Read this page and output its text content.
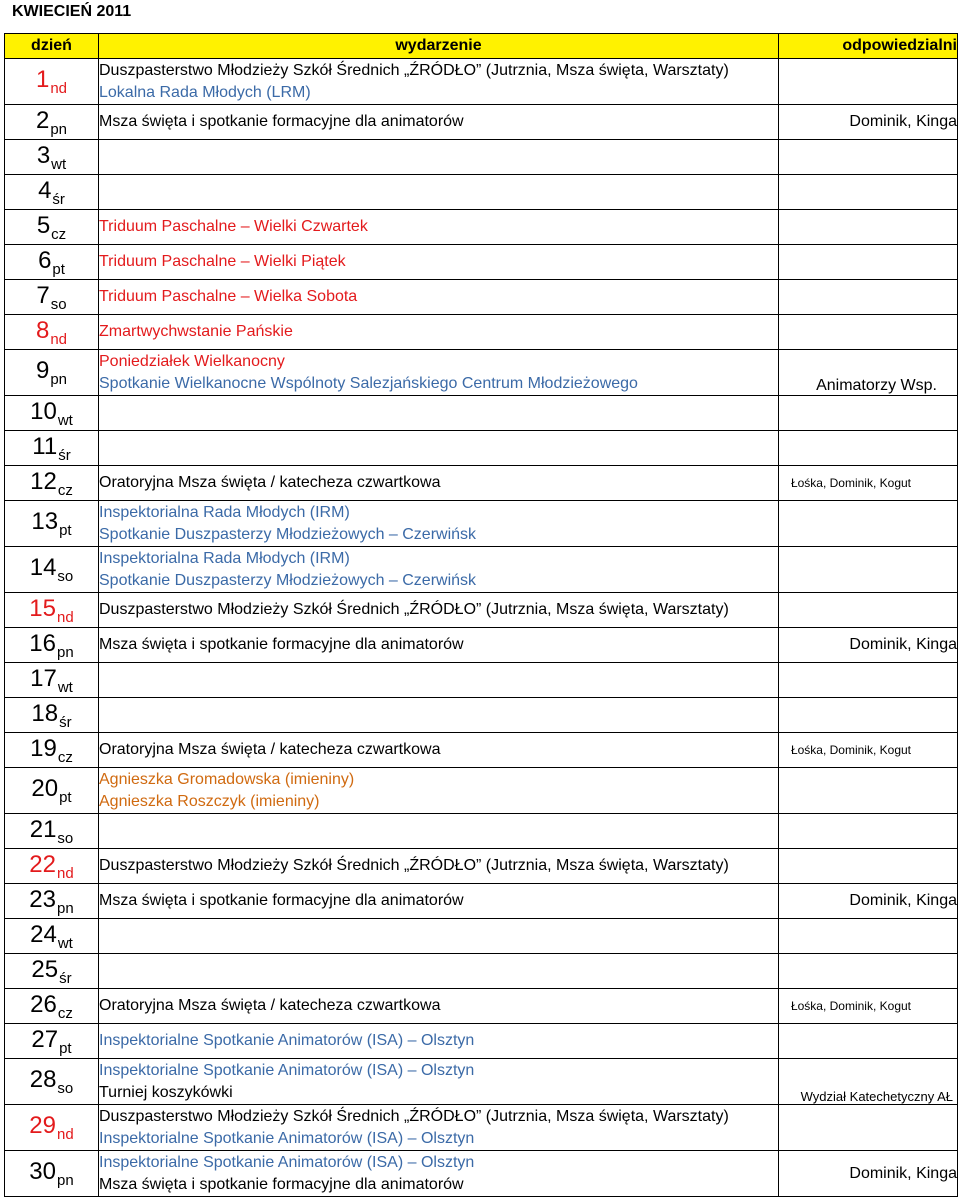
KWIECIEŃ 2011
dzień	wydarzenie	odpowiedzialni
$1_{nd}$	Duszpasterstwo Młodzieży Szkół Średnich „ŹRÓDŁO” (Jutrznia, Msza święta, Warsztaty)
Lokalna Rada Młodych (LRM)	

$2_{pn}$	Msza święta i spotkanie formacyjne dla animatorów	Dominik, Kinga
$3_{wt}$		
$4_{śr}$		
$5_{cz}$	Triduum Paschalne – Wielki Czwartek	

$6_{pt}$	Triduum Paschalne – Wielki Piątek	

$7_{so}$	Triduum Paschalne – Wielka Sobota	

$8_{nd}$	Zmartwychwstanie Pańskie	

$9_{pn}$	Poniedziałek Wielkanocny
Spotkanie Wielkanocne Wspólnoty Salezjańskiego Centrum Młodzieżowego	Animatorzy Wsp.
$10_{wt}$		
$11_{śr}$		
$12_{cz}$	Oratoryjna Msza święta / katecheza czwartkowa	Łośka, Dominik, Kogut
$13_{pt}$	Inspektorialna Rada Młodych (IRM)
Spotkanie Duszpasterzy Młodzieżowych – Czerwińsk	

$14_{so}$	Inspektorialna Rada Młodych (IRM)
Spotkanie Duszpasterzy Młodzieżowych – Czerwińsk	

$15_{nd}$	Duszpasterstwo Młodzieży Szkół Średnich „ŹRÓDŁO” (Jutrznia, Msza święta, Warsztaty)	

$16_{pn}$	Msza święta i spotkanie formacyjne dla animatorów	Dominik, Kinga
$17_{wt}$		
$18_{śr}$		
$19_{cz}$	Oratoryjna Msza święta / katecheza czwartkowa	Łośka, Dominik, Kogut
$20_{pt}$	Agnieszka Gromadowska (imieniny)
Agnieszka Roszczyk (imieniny)	

$21_{so}$		
$22_{nd}$	Duszpasterstwo Młodzieży Szkół Średnich „ŹRÓDŁO” (Jutrznia, Msza święta, Warsztaty)	

$23_{pn}$	Msza święta i spotkanie formacyjne dla animatorów	Dominik, Kinga
$24_{wt}$		
$25_{śr}$		
$26_{cz}$	Oratoryjna Msza święta / katecheza czwartkowa	Łośka, Dominik, Kogut
$27_{pt}$	Inspektorialne Spotkanie Animatorów (ISA) – Olsztyn	

$28_{so}$	Inspektorialne Spotkanie Animatorów (ISA) – Olsztyn
Turniej koszykówki	Wydział Katechetyczny AŁ
$29_{nd}$	Duszpasterstwo Młodzieży Szkół Średnich „ŹRÓDŁO” (Jutrznia, Msza święta, Warsztaty)
Inspektorialne Spotkanie Animatorów (ISA) – Olsztyn	

$30_{pn}$	Inspektorialne Spotkanie Animatorów (ISA) – Olsztyn
Msza święta i spotkanie formacyjne dla animatorów	Dominik, Kinga
